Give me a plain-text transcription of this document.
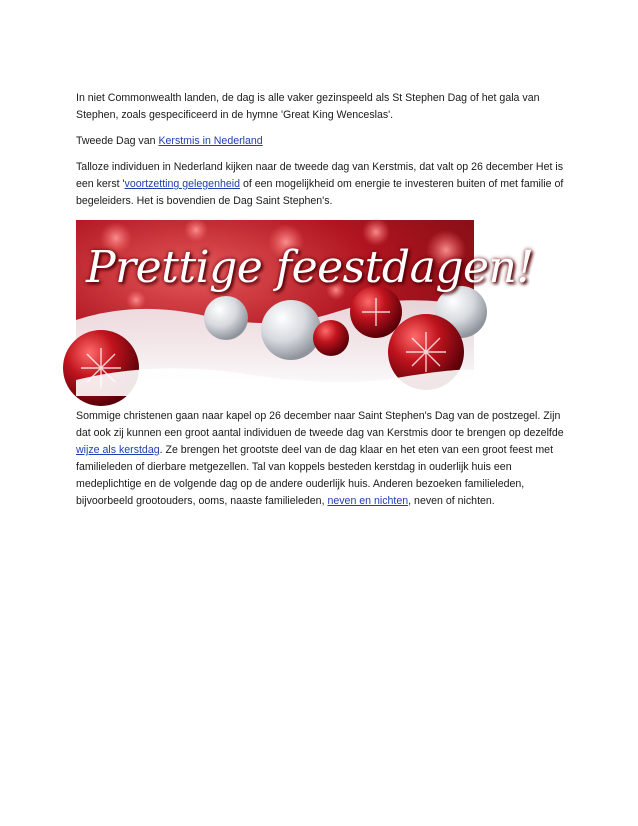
In niet Commonwealth landen, de dag is alle vaker gezinspeeld als St Stephen Dag of het gala van Stephen, zoals gespecificeerd in de hymne 'Great King Wenceslas'.

Tweede Dag van Kerstmis in Nederland

Talloze individuen in Nederland kijken naar de tweede dag van Kerstmis, dat valt op 26 december Het is een kerst 'voortzetting gelegenheid of een mogelijkheid om energie te investeren buiten of met familie of begeleiders. Het is bovendien de Dag Saint Stephen's.

Prettige feestdagen!

Sommige christenen gaan naar kapel op 26 december naar Saint Stephen's Dag van de postzegel. Zijn dat ook zij kunnen een groot aantal individuen de tweede dag van Kerstmis door te brengen op dezelfde wijze als kerstdag. Ze brengen het grootste deel van de dag klaar en het eten van een groot feest met familieleden of dierbare metgezellen. Tal van koppels besteden kerstdag in ouderlijk huis een medeplichtige en de volgende dag op de andere ouderlijk huis. Anderen bezoeken familieleden, bijvoorbeeld grootouders, ooms, naaste familieleden, neven en nichten, neven of nichten.
